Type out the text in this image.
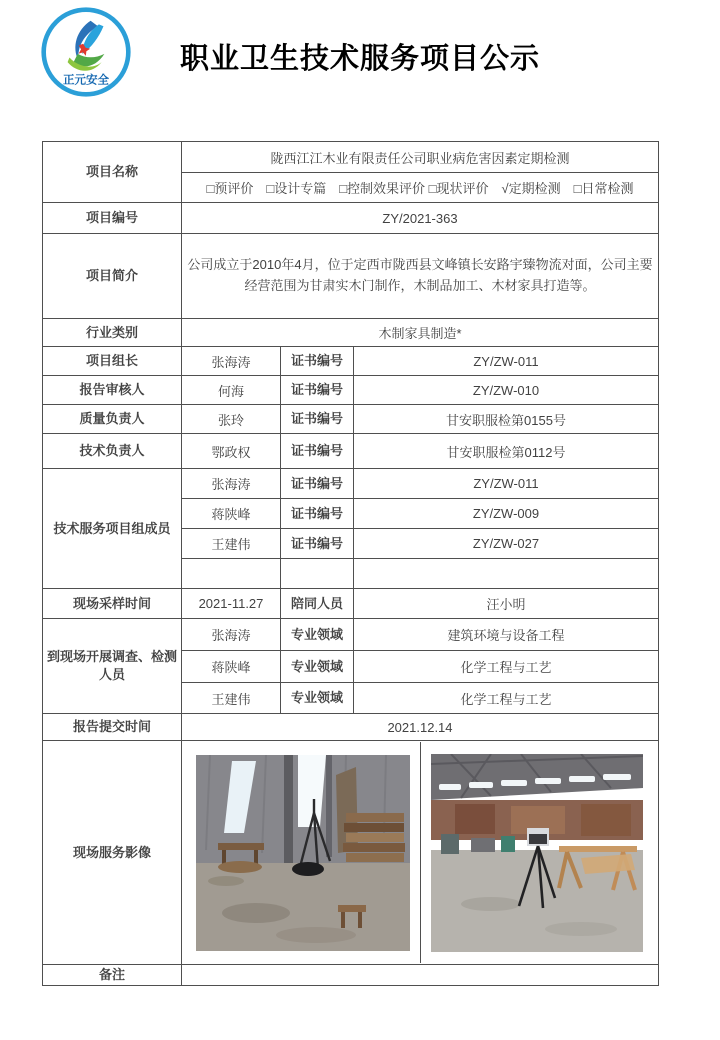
正元安全
职业卫生技术服务项目公示
项目名称	陇西江江木业有限责任公司职业病危害因素定期检测		
	□预评价　□设计专篇　□控制效果评价 □现状评价　√定期检测　□日常检测		
项目编号	ZY/2021-363		
项目简介	公司成立于2010年4月，位于定西市陇西县文峰镇长安路宇臻物流对面，公司主要经营范围为甘肃实木门制作，木制品加工、木材家具打造等。		
行业类别	木制家具制造*		
项目组长	张海涛	证书编号	ZY/ZW-011
报告审核人	何海	证书编号	ZY/ZW-010
质量负责人	张玲	证书编号	甘安职服检第0155号
技术负责人	鄂政权	证书编号	甘安职服检第0112号
技术服务项目组成员	张海涛	证书编号	ZY/ZW-011
	蒋陕峰	证书编号	ZY/ZW-009
	王建伟	证书编号	ZY/ZW-027

现场采样时间	2021-11.27	陪同人员	汪小明
到现场开展调查、检测人员	张海涛	专业领域	建筑环境与设备工程
	蒋陕峰	专业领域	化学工程与工艺
	王建伟	专业领域	化学工程与工艺
报告提交时间	2021.12.14		
现场服务影像	

备注			
